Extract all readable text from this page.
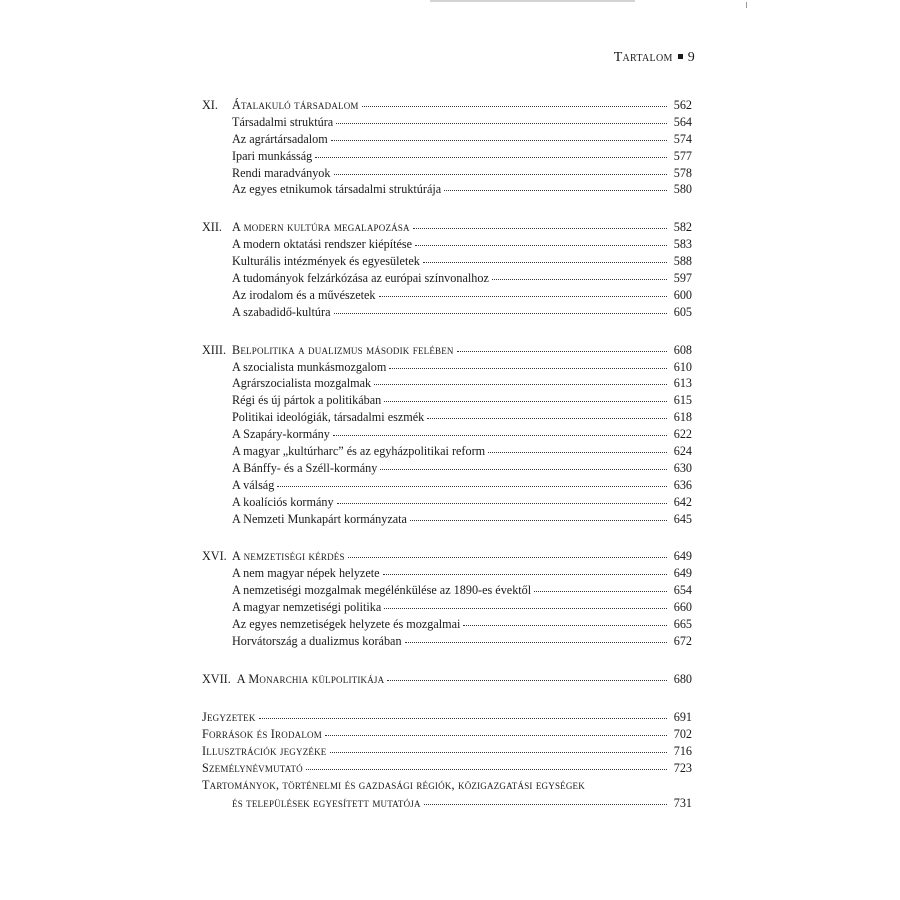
Tartalom 9
XI.	Átalakuló társadalom	562
Társadalmi struktúra	564
Az agrártársadalom	574
Ipari munkásság	577
Rendi maradványok	578
Az egyes etnikumok társadalmi struktúrája	580
XII. A modern kultúra megalapozása	582
A modern oktatási rendszer kiépítése	583
Kulturális intézmények és egyesületek	588
A tudományok felzárkózása az európai színvonalhoz	597
Az irodalom és a művészetek	600
A szabadidő-kultúra	605
XIII. Belpolitika a dualizmus második felében	608
A szocialista munkásmozgalom	610
Agrárszocialista mozgalmak	613
Régi és új pártok a politikában	615
Politikai ideológiák, társadalmi eszmék	618
A Szapáry-kormány	622
A magyar „kultúrharc” és az egyházpolitikai reform	624
A Bánffy- és a Széll-kormány	630
A válság	636
A koalíciós kormány	642
A Nemzeti Munkapárt kormányzata	645
XVI. A nemzetiségi kérdés	649
A nem magyar népek helyzete	649
A nemzetiségi mozgalmak megélénkülése az 1890-es évektől	654
A magyar nemzetiségi politika	660
Az egyes nemzetiségek helyzete és mozgalmai	665
Horvátország a dualizmus korában	672
XVII. A Monarchia külpolitikája	680
Jegyzetek	691
Források és Irodalom	702
Illusztrációk jegyzéke	716
Személynévmutató	723
Tartományok, történelmi és gazdasági régiók, közigazgatási egységek
és települések egyesített mutatója	731
